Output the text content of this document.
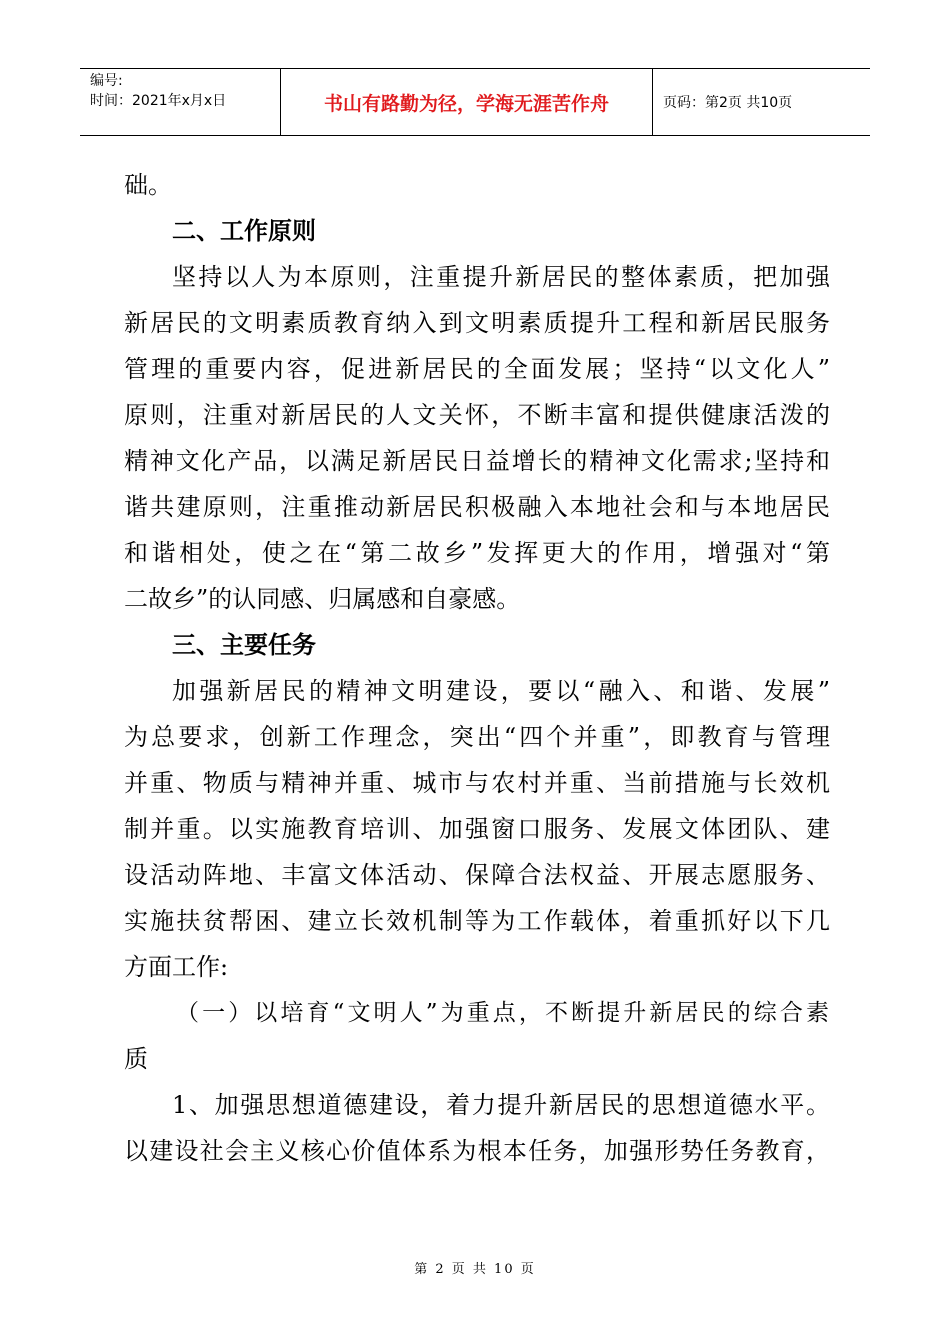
编号:
时间：2021年x月x日	书山有路勤为径，学海无涯苦作舟	页码：第2页 共10页
础。
二、工作原则
坚持以人为本原则，注重提升新居民的整体素质，把加强
新居民的文明素质教育纳入到文明素质提升工程和新居民服务
管理的重要内容，促进新居民的全面发展；坚持“以文化人”
原则，注重对新居民的人文关怀，不断丰富和提供健康活泼的
精神文化产品，以满足新居民日益增长的精神文化需求;坚持和
谐共建原则，注重推动新居民积极融入本地社会和与本地居民
和谐相处，使之在“第二故乡”发挥更大的作用，增强对“第
二故乡”的认同感、归属感和自豪感。
三、主要任务
加强新居民的精神文明建设，要以“融入、和谐、发展”
为总要求，创新工作理念，突出“四个并重”，即教育与管理
并重、物质与精神并重、城市与农村并重、当前措施与长效机
制并重。以实施教育培训、加强窗口服务、发展文体团队、建
设活动阵地、丰富文体活动、保障合法权益、开展志愿服务、
实施扶贫帮困、建立长效机制等为工作载体，着重抓好以下几
方面工作:
（一）以培育“文明人”为重点，不断提升新居民的综合素
质
1、加强思想道德建设，着力提升新居民的思想道德水平。
以建设社会主义核心价值体系为根本任务，加强形势任务教育，
第 2 页 共 10 页
